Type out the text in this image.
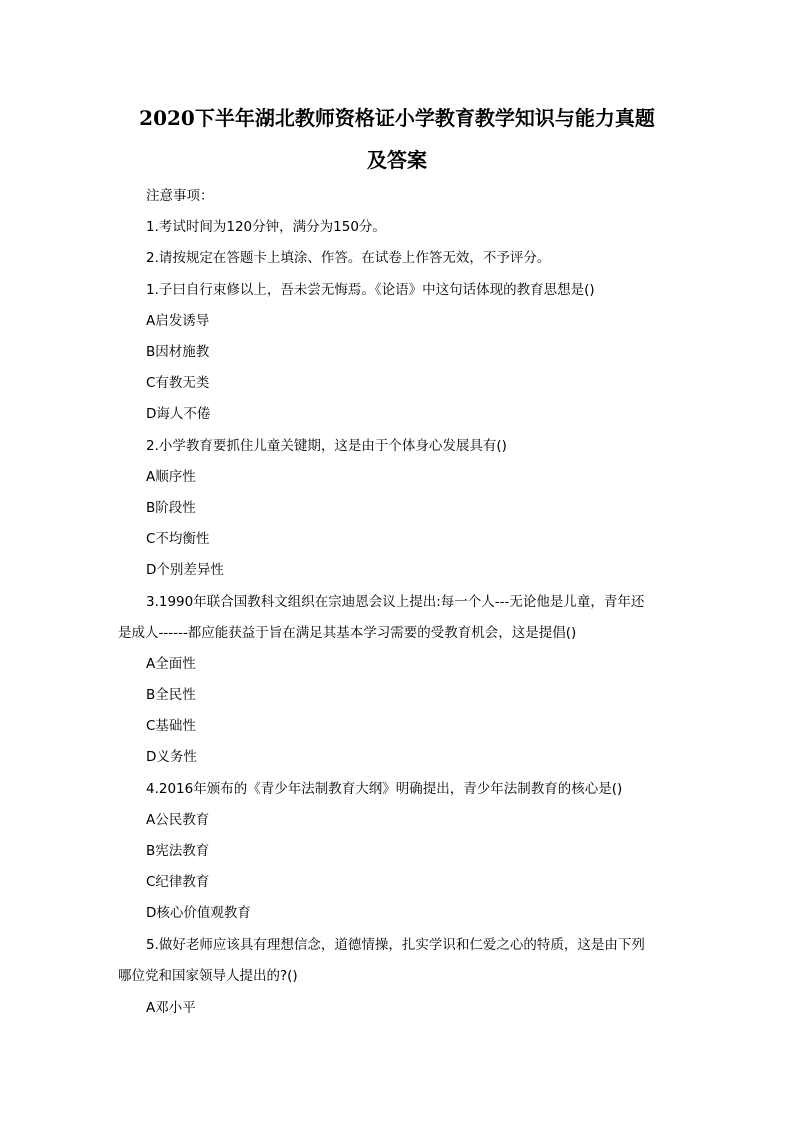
2020下半年湖北教师资格证小学教育教学知识与能力真题
及答案
注意事项：
1.考试时间为120分钟，满分为150分。
2.请按规定在答题卡上填涂、作答。在试卷上作答无效，不予评分。
1.子曰自行束修以上，吾未尝无悔焉。《论语》中这句话体现的教育思想是()
A启发诱导
B因材施教
C有教无类
D诲人不倦
2.小学教育要抓住儿童关键期，这是由于个体身心发展具有()
A顺序性
B阶段性
C不均衡性
D个别差异性
3.1990年联合国教科文组织在宗迪恩会议上提出:每一个人---无论他是儿童，青年还
是成人------都应能获益于旨在满足其基本学习需要的受教育机会，这是提倡()
A全面性
B全民性
C基础性
D义务性
4.2016年颁布的《青少年法制教育大纲》明确提出，青少年法制教育的核心是()
A公民教育
B宪法教育
C纪律教育
D核心价值观教育
5.做好老师应该具有理想信念，道德情操，扎实学识和仁爱之心的特质，这是由下列
哪位党和国家领导人提出的?()
A邓小平
